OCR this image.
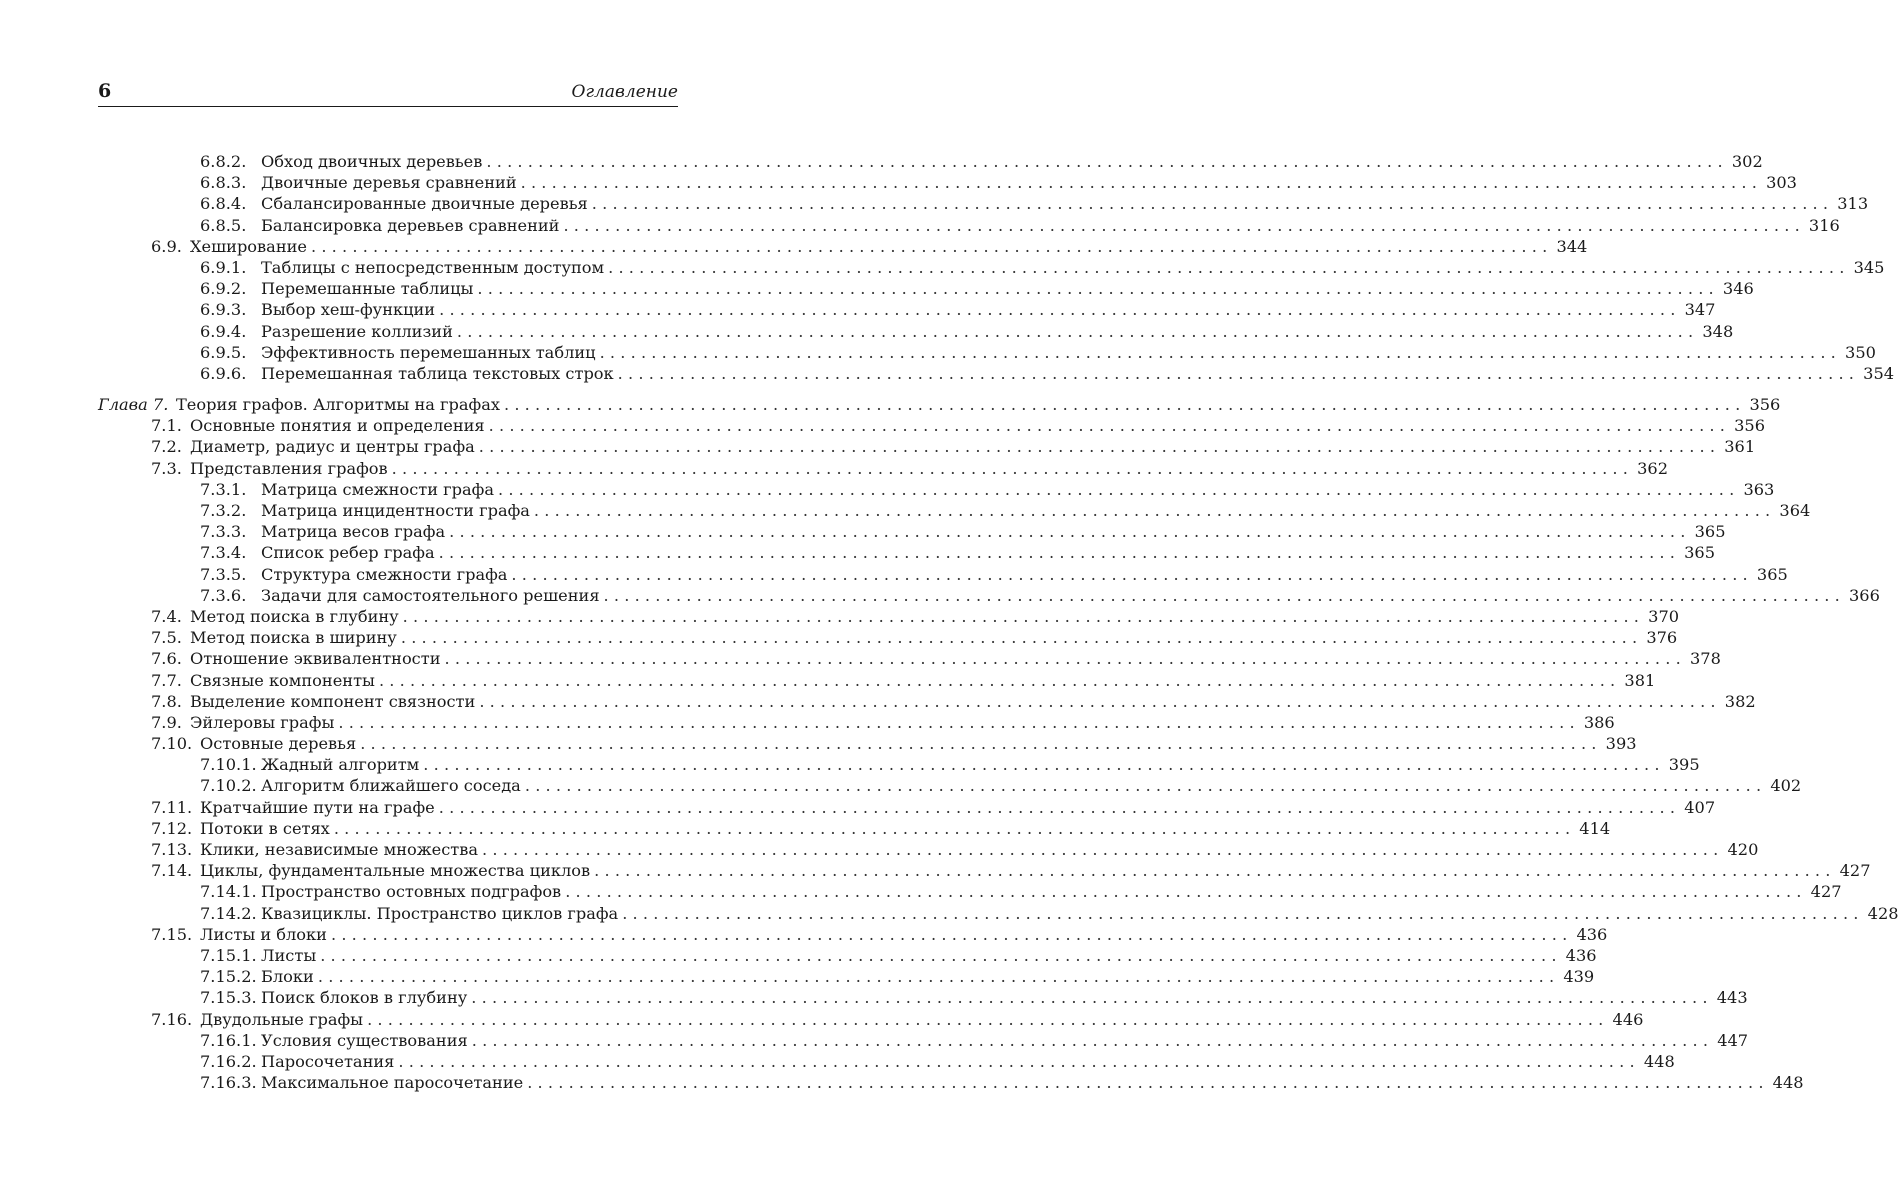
6	Оглавление
6.8.2. Обход двоичных деревьев ........................................................................................................................ 302
6.8.3. Двоичные деревья сравнений ........................................................................................................................ 303
6.8.4. Сбалансированные двоичные деревья ........................................................................................................................ 313
6.8.5. Балансировка деревьев сравнений ........................................................................................................................ 316
6.9. Хеширование ........................................................................................................................ 344
6.9.1. Таблицы с непосредственным доступом ........................................................................................................................ 345
6.9.2. Перемешанные таблицы ........................................................................................................................ 346
6.9.3. Выбор хеш-функции ........................................................................................................................ 347
6.9.4. Разрешение коллизий ........................................................................................................................ 348
6.9.5. Эффективность перемешанных таблиц ........................................................................................................................ 350
6.9.6. Перемешанная таблица текстовых строк ........................................................................................................................ 354
Глава 7. Теория графов. Алгоритмы на графах ........................................................................................................................ 356
7.1. Основные понятия и определения ........................................................................................................................ 356
7.2. Диаметр, радиус и центры графа ........................................................................................................................ 361
7.3. Представления графов ........................................................................................................................ 362
7.3.1. Матрица смежности графа ........................................................................................................................ 363
7.3.2. Матрица инцидентности графа ........................................................................................................................ 364
7.3.3. Матрица весов графа ........................................................................................................................ 365
7.3.4. Список ребер графа ........................................................................................................................ 365
7.3.5. Структура смежности графа ........................................................................................................................ 365
7.3.6. Задачи для самостоятельного решения ........................................................................................................................ 366
7.4. Метод поиска в глубину ........................................................................................................................ 370
7.5. Метод поиска в ширину ........................................................................................................................ 376
7.6. Отношение эквивалентности ........................................................................................................................ 378
7.7. Связные компоненты ........................................................................................................................ 381
7.8. Выделение компонент связности ........................................................................................................................ 382
7.9. Эйлеровы графы ........................................................................................................................ 386
7.10. Остовные деревья ........................................................................................................................ 393
7.10.1. Жадный алгоритм ........................................................................................................................ 395
7.10.2. Алгоритм ближайшего соседа ........................................................................................................................ 402
7.11. Кратчайшие пути на графе ........................................................................................................................ 407
7.12. Потоки в сетях ........................................................................................................................ 414
7.13. Клики, независимые множества ........................................................................................................................ 420
7.14. Циклы, фундаментальные множества циклов ........................................................................................................................ 427
7.14.1. Пространство остовных подграфов ........................................................................................................................ 427
7.14.2. Квазициклы. Пространство циклов графа ........................................................................................................................ 428
7.15. Листы и блоки ........................................................................................................................ 436
7.15.1. Листы ........................................................................................................................ 436
7.15.2. Блоки ........................................................................................................................ 439
7.15.3. Поиск блоков в глубину ........................................................................................................................ 443
7.16. Двудольные графы ........................................................................................................................ 446
7.16.1. Условия существования ........................................................................................................................ 447
7.16.2. Паросочетания ........................................................................................................................ 448
7.16.3. Максимальное паросочетание ........................................................................................................................ 448
